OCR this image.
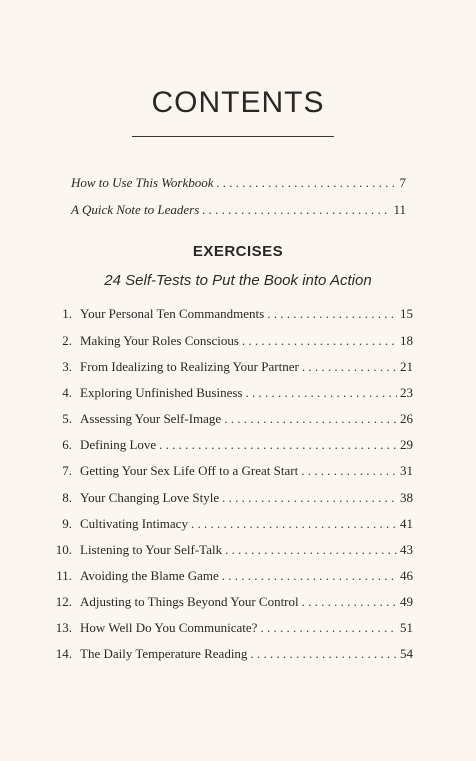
CONTENTS
How to Use This Workbook . . .	7
A Quick Note to Leaders . . .	11
EXERCISES
24 Self-Tests to Put the Book into Action
1. Your Personal Ten Commandments . . .	15
2. Making Your Roles Conscious . . .	18
3. From Idealizing to Realizing Your Partner . . .	21
4. Exploring Unfinished Business . . .	23
5. Assessing Your Self-Image . . .	26
6. Defining Love . . .	29
7. Getting Your Sex Life Off to a Great Start . . .	31
8. Your Changing Love Style . . .	38
9. Cultivating Intimacy . . .	41
10. Listening to Your Self-Talk . . .	43
11. Avoiding the Blame Game . . .	46
12. Adjusting to Things Beyond Your Control . . .	49
13. How Well Do You Communicate? . . .	51
14. The Daily Temperature Reading . . .	54
